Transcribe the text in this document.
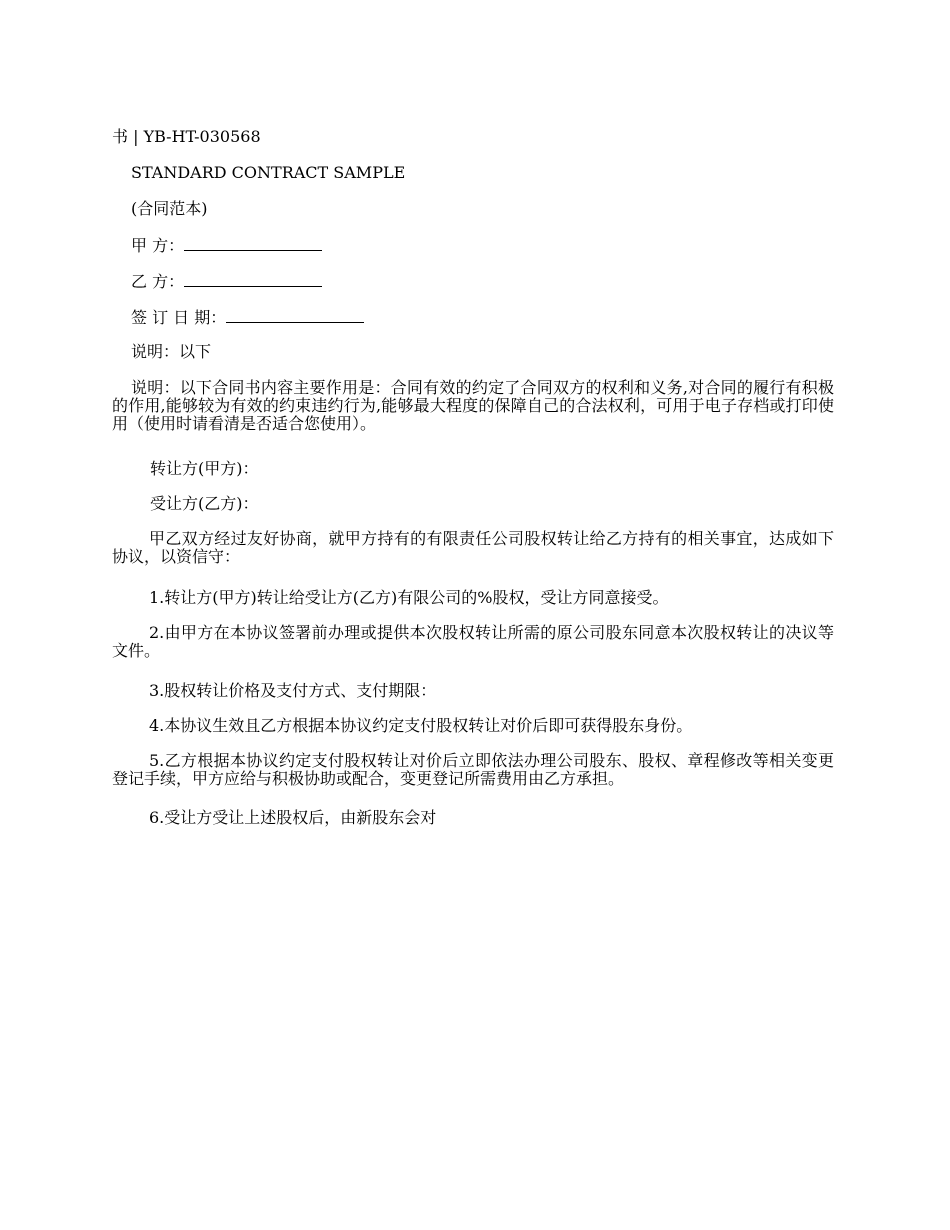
书 | YB-HT-030568
STANDARD CONTRACT SAMPLE
(合同范本)
甲 方：
乙 方：
签 订 日 期：
说明：以下
说明：以下合同书内容主要作用是：合同有效的约定了合同双方的权利和义务,对合同的履行有积极的作用,能够较为有效的约束违约行为,能够最大程度的保障自己的合法权利，可用于电子存档或打印使用（使用时请看清是否适合您使用）。
转让方(甲方)：
受让方(乙方)：
甲乙双方经过友好协商，就甲方持有的有限责任公司股权转让给乙方持有的相关事宜，达成如下协议，以资信守：
1.转让方(甲方)转让给受让方(乙方)有限公司的%股权，受让方同意接受。
2.由甲方在本协议签署前办理或提供本次股权转让所需的原公司股东同意本次股权转让的决议等文件。
3.股权转让价格及支付方式、支付期限：
4.本协议生效且乙方根据本协议约定支付股权转让对价后即可获得股东身份。
5.乙方根据本协议约定支付股权转让对价后立即依法办理公司股东、股权、章程修改等相关变更登记手续，甲方应给与积极协助或配合，变更登记所需费用由乙方承担。
6.受让方受让上述股权后，由新股东会对
